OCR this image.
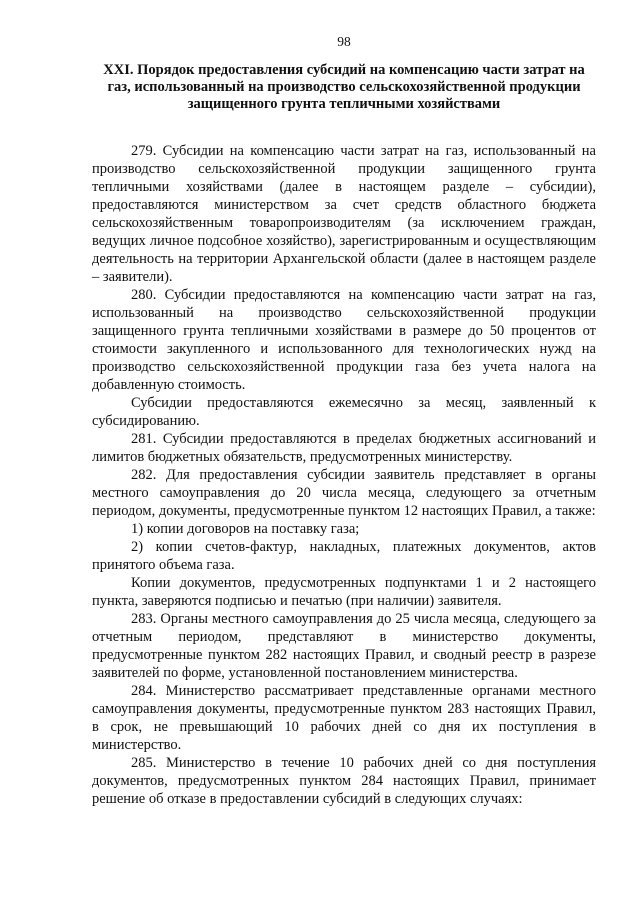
98
XXI. Порядок предоставления субсидий на компенсацию части затрат на газ, использованный на производство сельскохозяйственной продукции защищенного грунта тепличными хозяйствами

279. Субсидии на компенсацию части затрат на газ, использованный на производство сельскохозяйственной продукции защищенного грунта тепличными хозяйствами (далее в настоящем разделе – субсидии), предоставляются министерством за счет средств областного бюджета сельскохозяйственным товаропроизводителям (за исключением граждан, ведущих личное подсобное хозяйство), зарегистрированным и осуществляющим деятельность на территории Архангельской области (далее в настоящем разделе – заявители).

280. Субсидии предоставляются на компенсацию части затрат на газ, использованный на производство сельскохозяйственной продукции защищенного грунта тепличными хозяйствами в размере до 50 процентов от стоимости закупленного и использованного для технологических нужд на производство сельскохозяйственной продукции газа без учета налога на добавленную стоимость.

Субсидии предоставляются ежемесячно за месяц, заявленный к субсидированию.

281. Субсидии предоставляются в пределах бюджетных ассигнований и лимитов бюджетных обязательств, предусмотренных министерству.

282. Для предоставления субсидии заявитель представляет в органы местного самоуправления до 20 числа месяца, следующего за отчетным периодом, документы, предусмотренные пунктом 12 настоящих Правил, а также:

1) копии договоров на поставку газа;

2) копии счетов-фактур, накладных, платежных документов, актов принятого объема газа.

Копии документов, предусмотренных подпунктами 1 и 2 настоящего пункта, заверяются подписью и печатью (при наличии) заявителя.

283. Органы местного самоуправления до 25 числа месяца, следующего за отчетным периодом, представляют в министерство документы, предусмотренные пунктом 282 настоящих Правил, и сводный реестр в разрезе заявителей по форме, установленной постановлением министерства.

284. Министерство рассматривает представленные органами местного самоуправления документы, предусмотренные пунктом 283 настоящих Правил, в срок, не превышающий 10 рабочих дней со дня их поступления в министерство.

285. Министерство в течение 10 рабочих дней со дня поступления документов, предусмотренных пунктом 284 настоящих Правил, принимает решение об отказе в предоставлении субсидий в следующих случаях:
